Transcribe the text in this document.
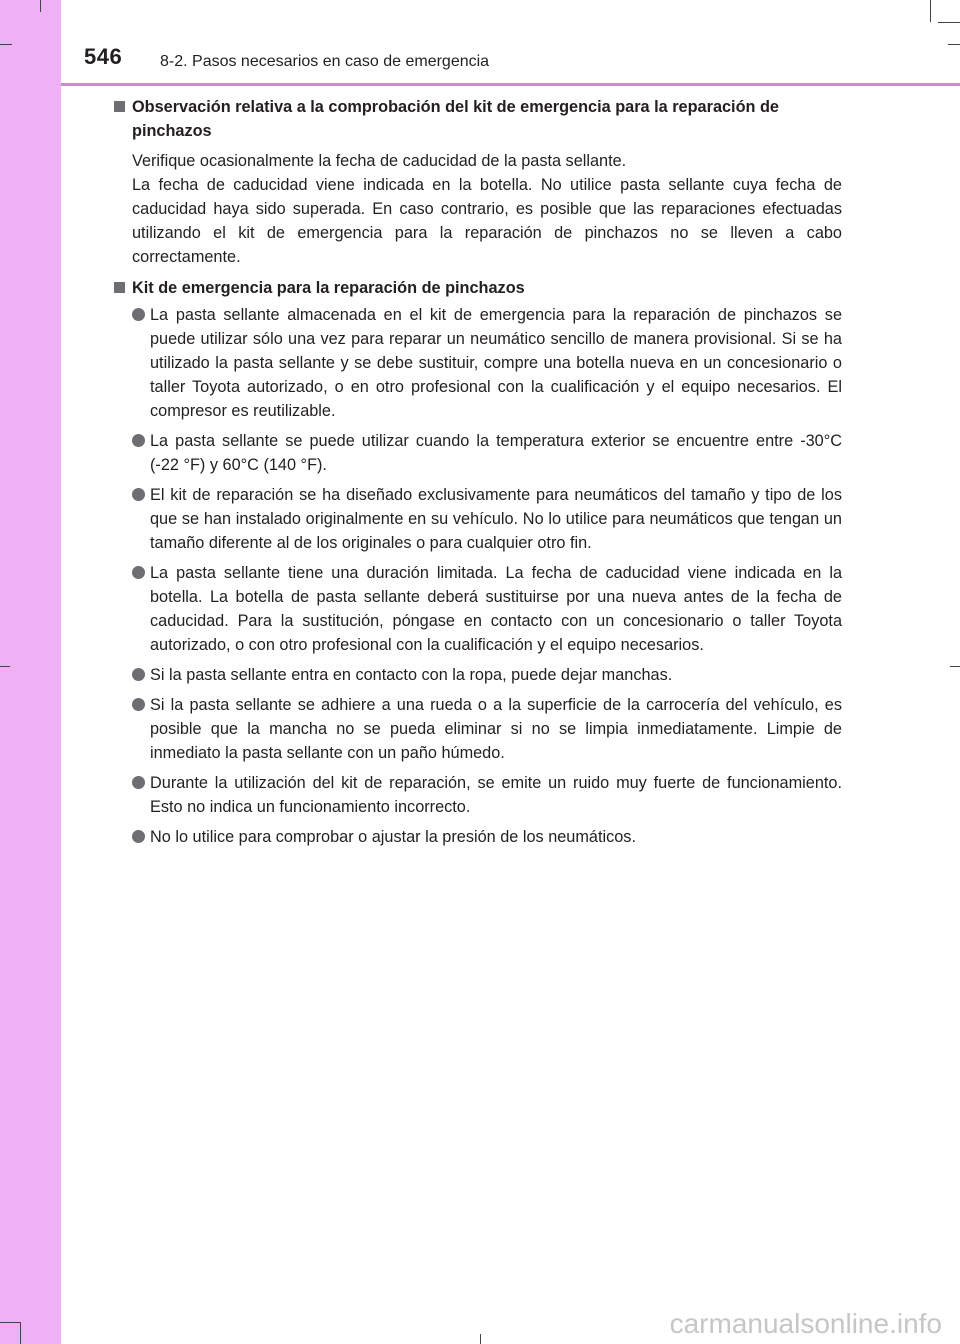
546 8-2. Pasos necesarios en caso de emergencia

Observación relativa a la comprobación del kit de emergencia para la reparación de pinchazos

Verifique ocasionalmente la fecha de caducidad de la pasta sellante.
La fecha de caducidad viene indicada en la botella. No utilice pasta sellante cuya fecha de caducidad haya sido superada. En caso contrario, es posible que las reparaciones efectuadas utilizando el kit de emergencia para la reparación de pinchazos no se lleven a cabo correctamente.

Kit de emergencia para la reparación de pinchazos

La pasta sellante almacenada en el kit de emergencia para la reparación de pinchazos se puede utilizar sólo una vez para reparar un neumático sencillo de manera provisional. Si se ha utilizado la pasta sellante y se debe sustituir, compre una botella nueva en un concesionario o taller Toyota autorizado, o en otro profesional con la cualificación y el equipo necesarios. El compresor es reutilizable.
La pasta sellante se puede utilizar cuando la temperatura exterior se encuentre entre -30°C (-22 °F) y 60°C (140 °F).
El kit de reparación se ha diseñado exclusivamente para neumáticos del tamaño y tipo de los que se han instalado originalmente en su vehículo. No lo utilice para neumáticos que tengan un tamaño diferente al de los originales o para cualquier otro fin.
La pasta sellante tiene una duración limitada. La fecha de caducidad viene indicada en la botella. La botella de pasta sellante deberá sustituirse por una nueva antes de la fecha de caducidad. Para la sustitución, póngase en contacto con un concesionario o taller Toyota autorizado, o con otro profesional con la cualificación y el equipo necesarios.
Si la pasta sellante entra en contacto con la ropa, puede dejar manchas.
Si la pasta sellante se adhiere a una rueda o a la superficie de la carrocería del vehículo, es posible que la mancha no se pueda eliminar si no se limpia inmediatamente. Limpie de inmediato la pasta sellante con un paño húmedo.
Durante la utilización del kit de reparación, se emite un ruido muy fuerte de funcionamiento. Esto no indica un funcionamiento incorrecto.
No lo utilice para comprobar o ajustar la presión de los neumáticos.
carmanualsonline.info
